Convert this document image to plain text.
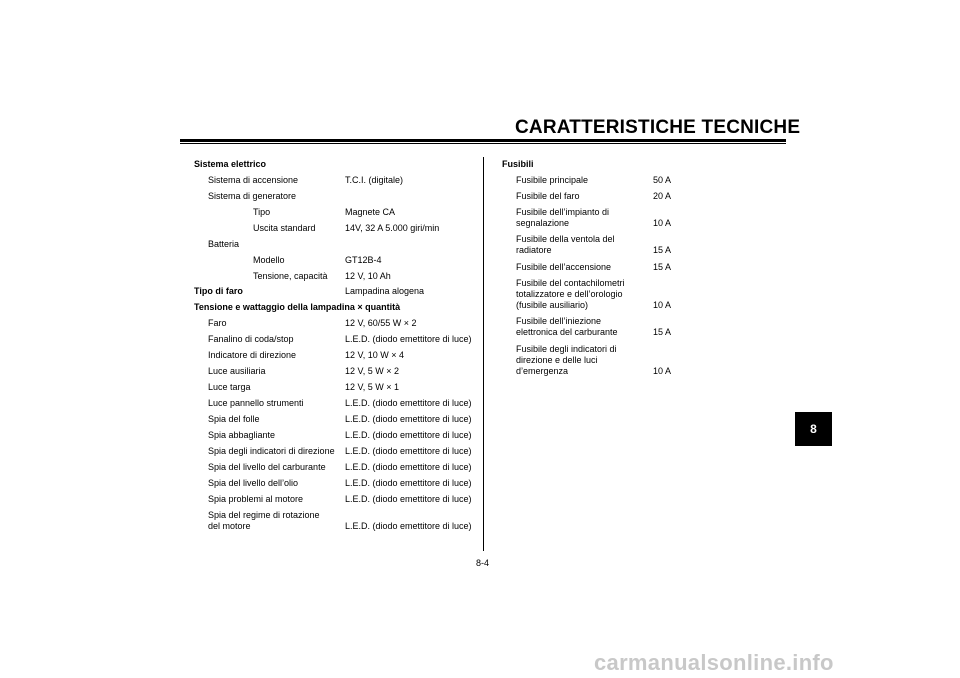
CARATTERISTICHE TECNICHE
Sistema elettrico
Sistema di accensione	T.C.I. (digitale)
Sistema di generatore
Tipo	Magnete CA
Uscita standard	14V, 32 A 5.000 giri/min
Batteria
Modello	GT12B-4
Tensione, capacità 12 V, 10 Ah
Tipo di faro	Lampadina alogena
Tensione e wattaggio della lampadina × quantità
Faro	12 V, 60/55 W × 2
Fanalino di coda/stop	L.E.D. (diodo emettitore di luce)
Indicatore di direzione	12 V, 10 W × 4
Luce ausiliaria	12 V, 5 W × 2
Luce targa	12 V, 5 W × 1
Luce pannello strumenti	L.E.D. (diodo emettitore di luce)
Spia del folle	L.E.D. (diodo emettitore di luce)
Spia abbagliante	L.E.D. (diodo emettitore di luce)
Spia degli indicatori di direzione L.E.D. (diodo emettitore di luce)
Spia del livello del carburante L.E.D. (diodo emettitore di luce)
Spia del livello dell’olio	L.E.D. (diodo emettitore di luce)
Spia problemi al motore	L.E.D. (diodo emettitore di luce)
Spia del regime di rotazione
del motore	L.E.D. (diodo emettitore di luce)
Fusibili
Fusibile principale	50 A
Fusibile del faro	20 A
Fusibile dell’impianto di
segnalazione	10 A
Fusibile della ventola del
radiatore	15 A
Fusibile dell’accensione	15 A
Fusibile del contachilometri
totalizzatore e dell’orologio
(fusibile ausiliario)	10 A
Fusibile dell’iniezione
elettronica del carburante	15 A
Fusibile degli indicatori di
direzione e delle luci
d’emergenza	10 A
8-4
8
carmanualsonline.info
